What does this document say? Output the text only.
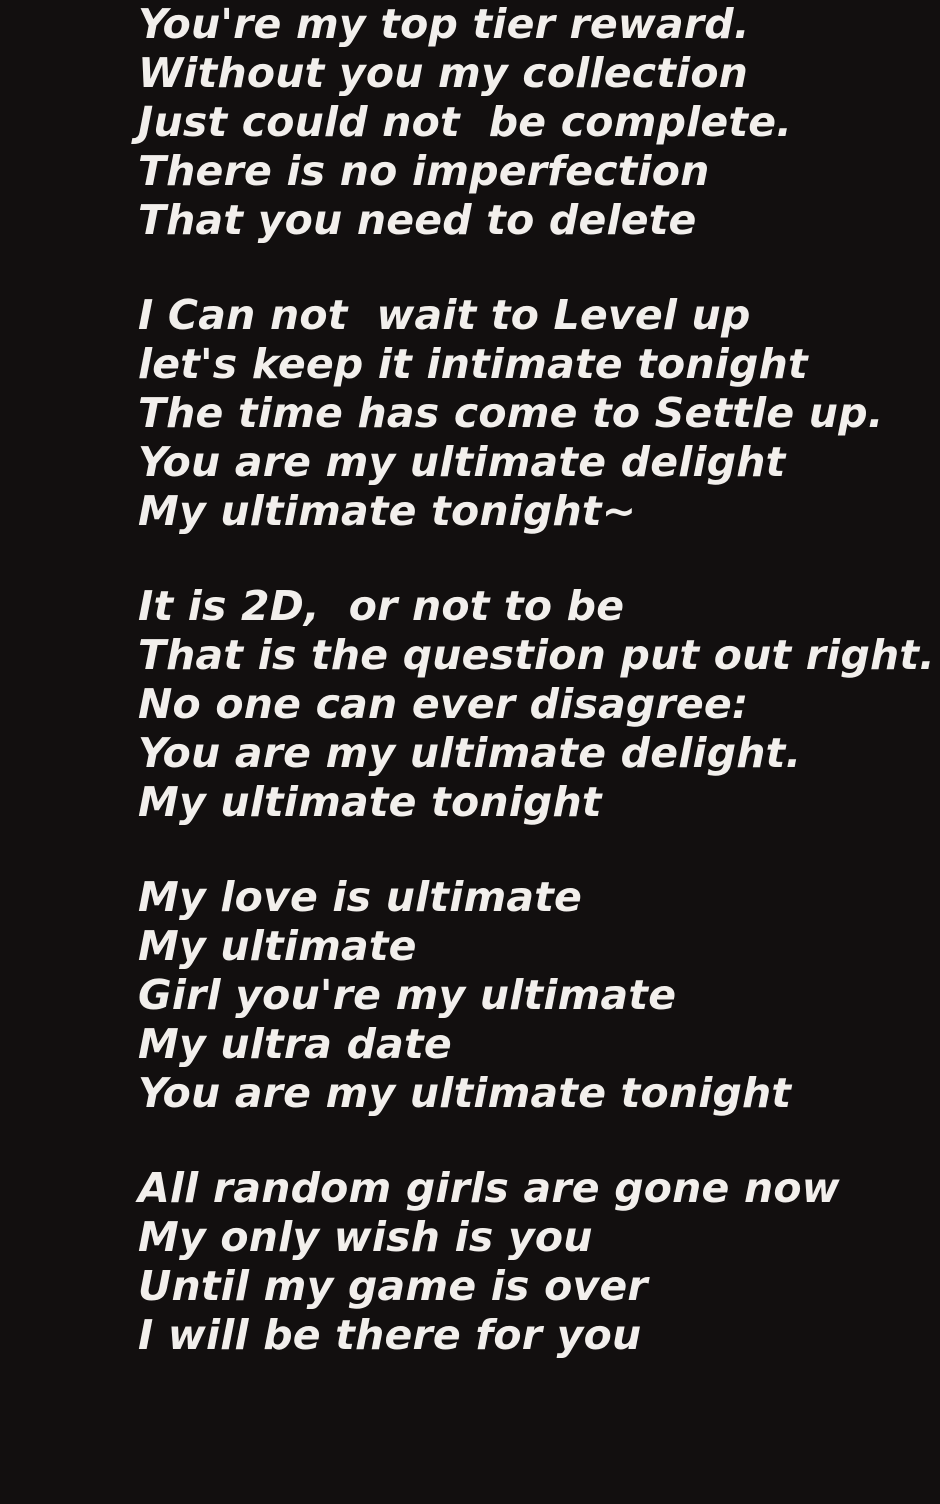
You're my top tier reward.
Without you my collection
Just could not  be complete.
There is no imperfection
That you need to delete
I Can not  wait to Level up
let's keep it intimate tonight
The time has come to Settle up.
You are my ultimate delight
My ultimate tonight~
It is 2D,  or not to be
That is the question put out right.
No one can ever disagree:
You are my ultimate delight.
My ultimate tonight
My love is ultimate
My ultimate
Girl you're my ultimate
My ultra date
You are my ultimate tonight
All random girls are gone now
My only wish is you
Until my game is over
I will be there for you
